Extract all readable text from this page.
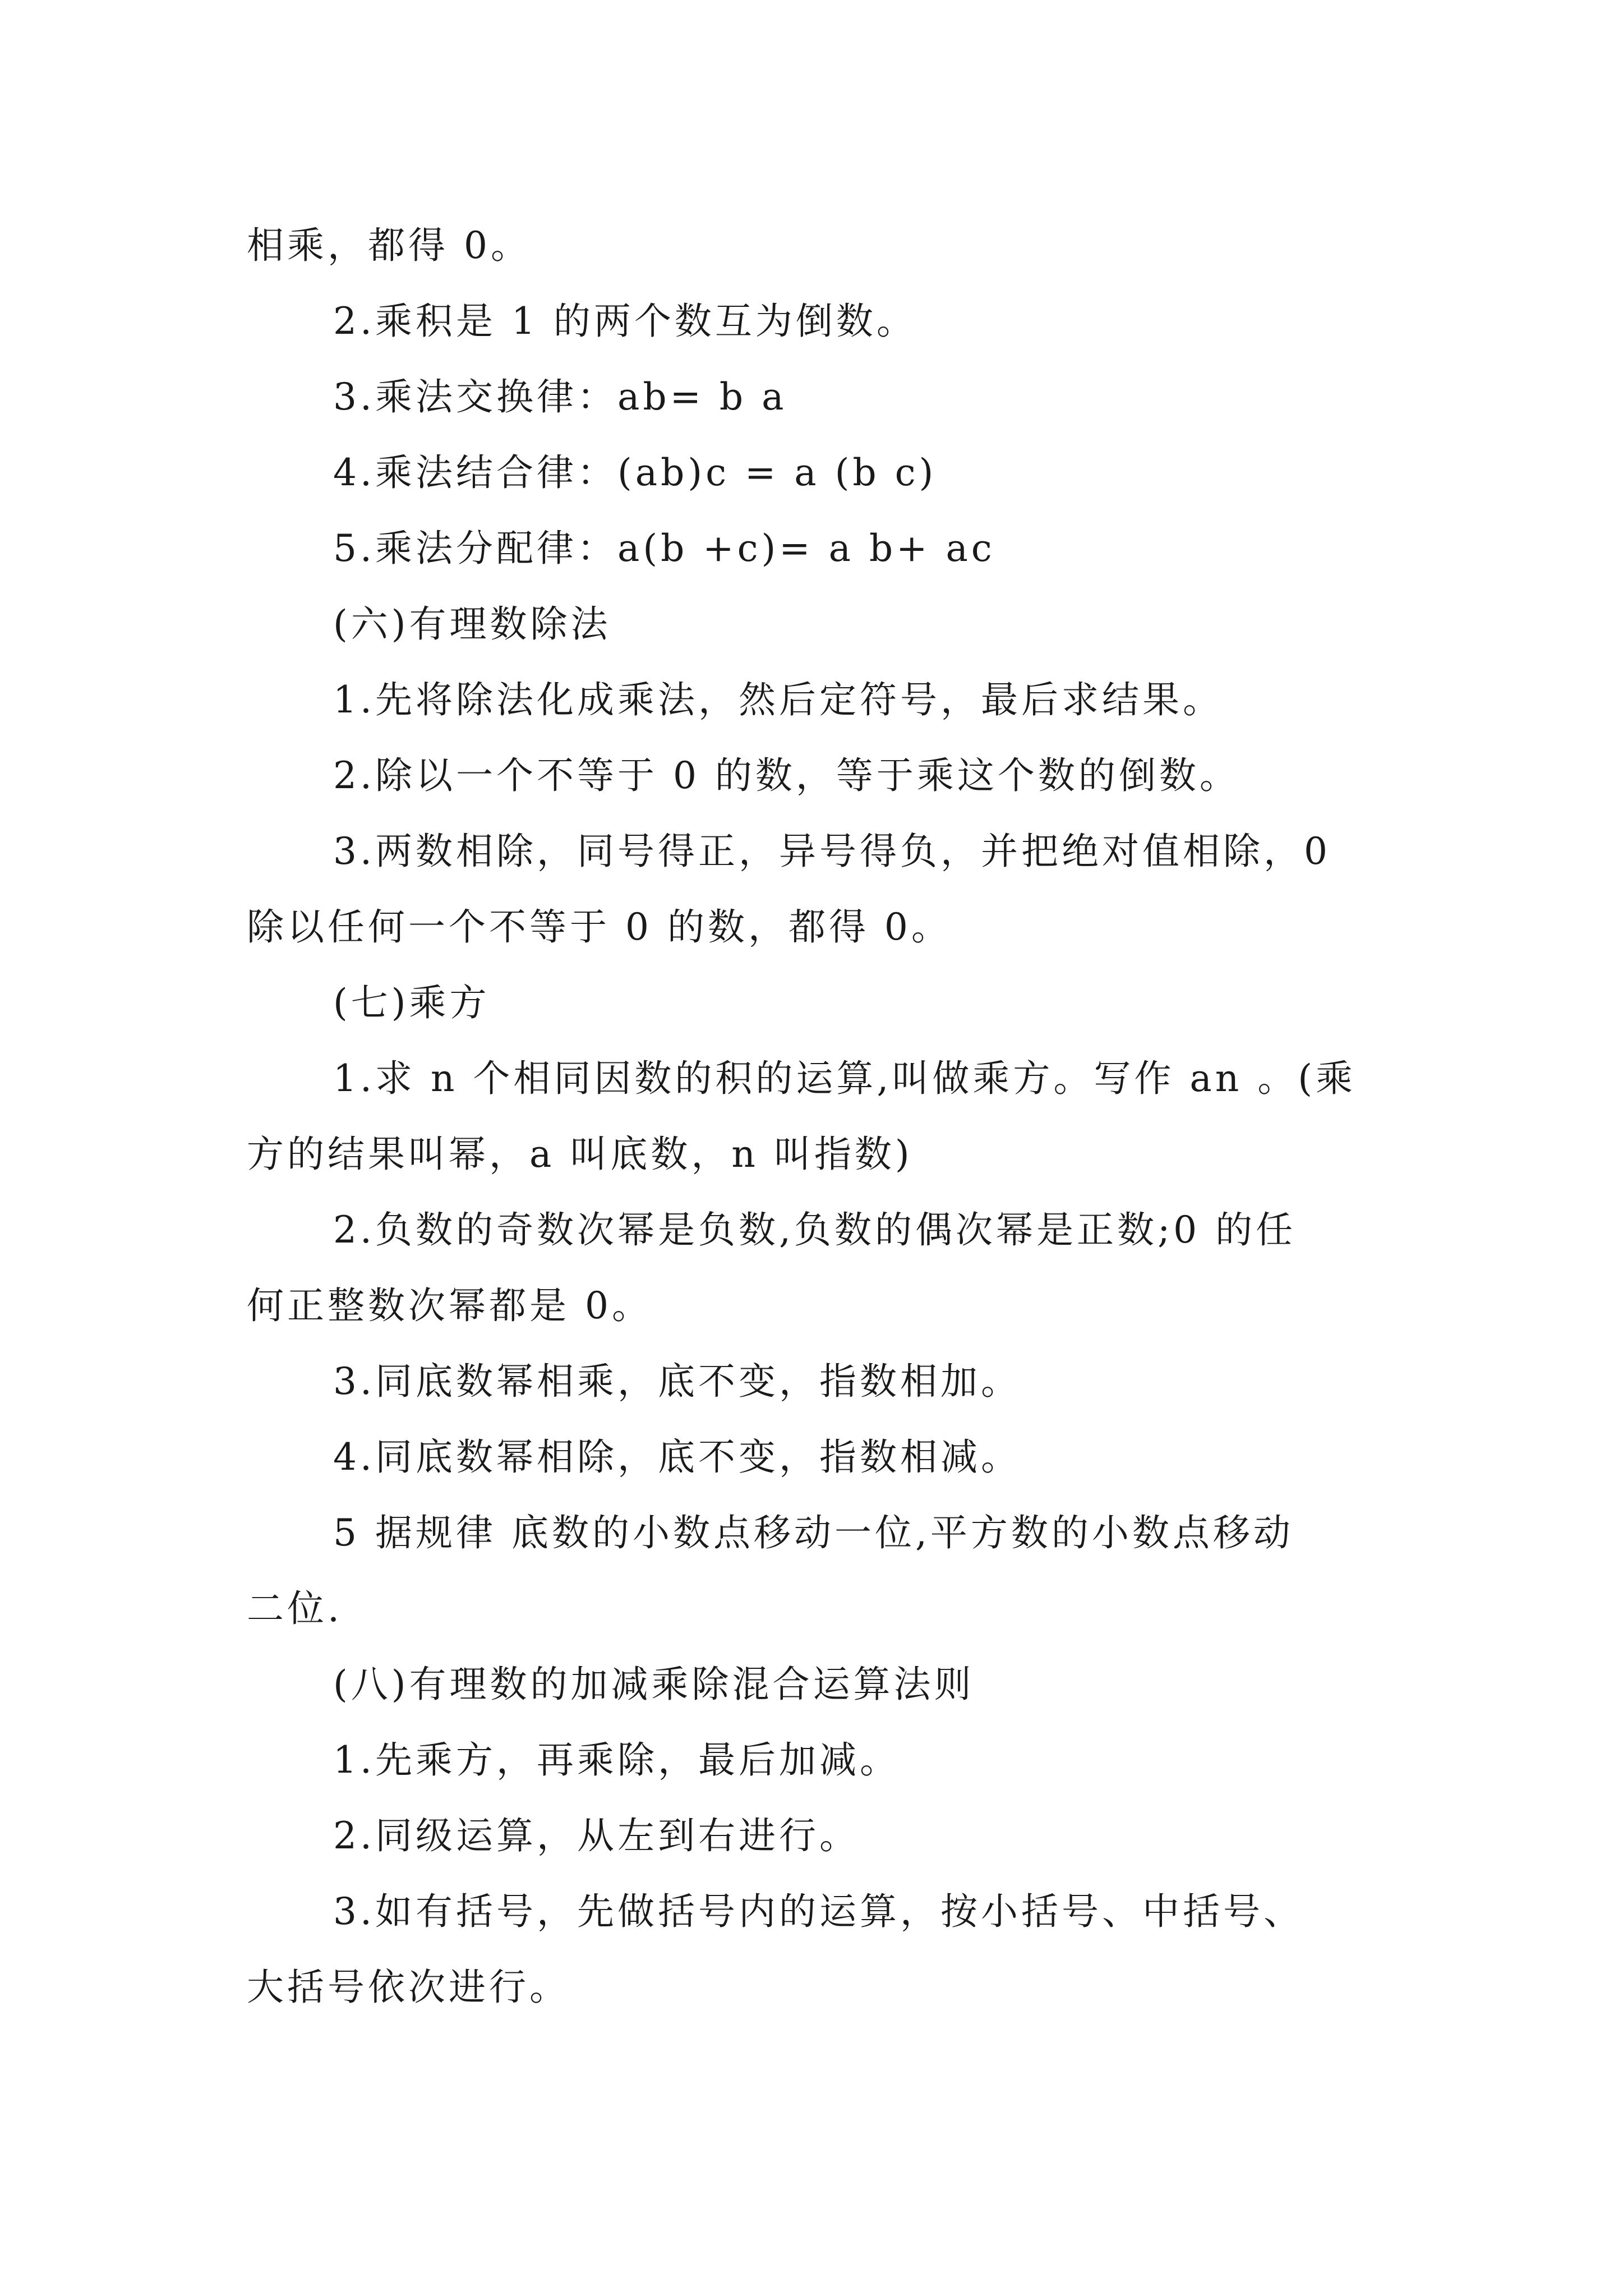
相乘，都得 0。
2.乘积是 1 的两个数互为倒数。
3.乘法交换律：ab= b a
4.乘法结合律：(ab)c = a (b c)
5.乘法分配律：a(b +c)= a b+ ac
(六)有理数除法
1.先将除法化成乘法，然后定符号，最后求结果。
2.除以一个不等于 0 的数，等于乘这个数的倒数。
3.两数相除，同号得正，异号得负，并把绝对值相除，0
除以任何一个不等于 0 的数，都得 0。
(七)乘方
1.求 n 个相同因数的积的运算,叫做乘方。写作 an 。(乘
方的结果叫幂，a 叫底数，n 叫指数)
2.负数的奇数次幂是负数,负数的偶次幂是正数;0 的任
何正整数次幂都是 0。
3.同底数幂相乘，底不变，指数相加。
4.同底数幂相除，底不变，指数相减。
5 据规律 底数的小数点移动一位,平方数的小数点移动
二位.
(八)有理数的加减乘除混合运算法则
1.先乘方，再乘除，最后加减。
2.同级运算，从左到右进行。
3.如有括号，先做括号内的运算，按小括号、中括号、
大括号依次进行。
